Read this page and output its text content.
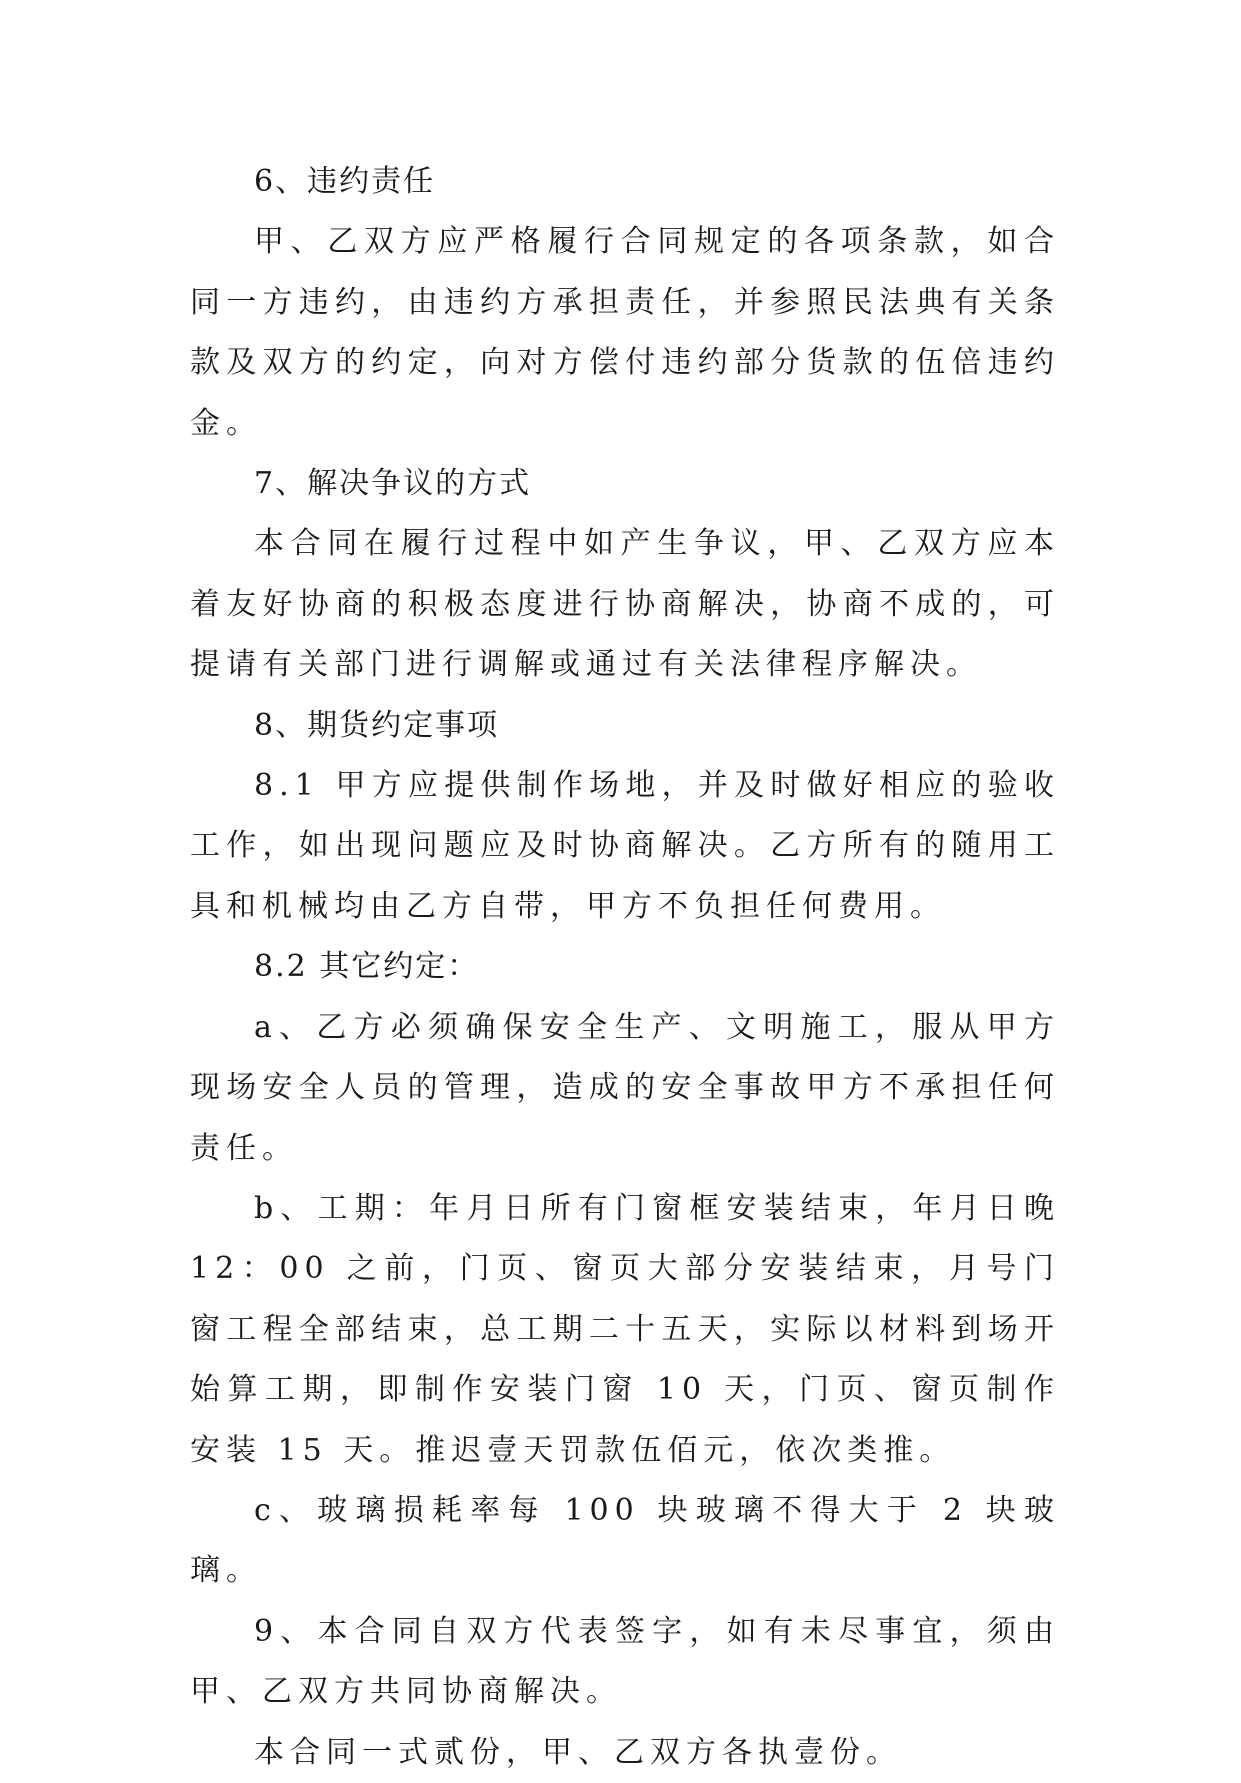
6、违约责任

甲、乙双方应严格履行合同规定的各项条款，如合同一方违约，由违约方承担责任，并参照民法典有关条款及双方的约定，向对方偿付违约部分货款的伍倍违约金。

7、解决争议的方式

本合同在履行过程中如产生争议，甲、乙双方应本着友好协商的积极态度进行协商解决，协商不成的，可提请有关部门进行调解或通过有关法律程序解决。

8、期货约定事项

8.1 甲方应提供制作场地，并及时做好相应的验收工作，如出现问题应及时协商解决。乙方所有的随用工具和机械均由乙方自带，甲方不负担任何费用。

8.2 其它约定：

a、乙方必须确保安全生产、文明施工，服从甲方现场安全人员的管理，造成的安全事故甲方不承担任何责任。

b、工期：年月日所有门窗框安装结束，年月日晚 12：00 之前，门页、窗页大部分安装结束，月号门窗工程全部结束，总工期二十五天，实际以材料到场开始算工期，即制作安装门窗 10 天，门页、窗页制作安装 15 天。推迟壹天罚款伍佰元，依次类推。

c、玻璃损耗率每 100 块玻璃不得大于 2 块玻璃。

9、本合同自双方代表签字，如有未尽事宜，须由甲、乙双方共同协商解决。

本合同一式贰份，甲、乙双方各执壹份。
